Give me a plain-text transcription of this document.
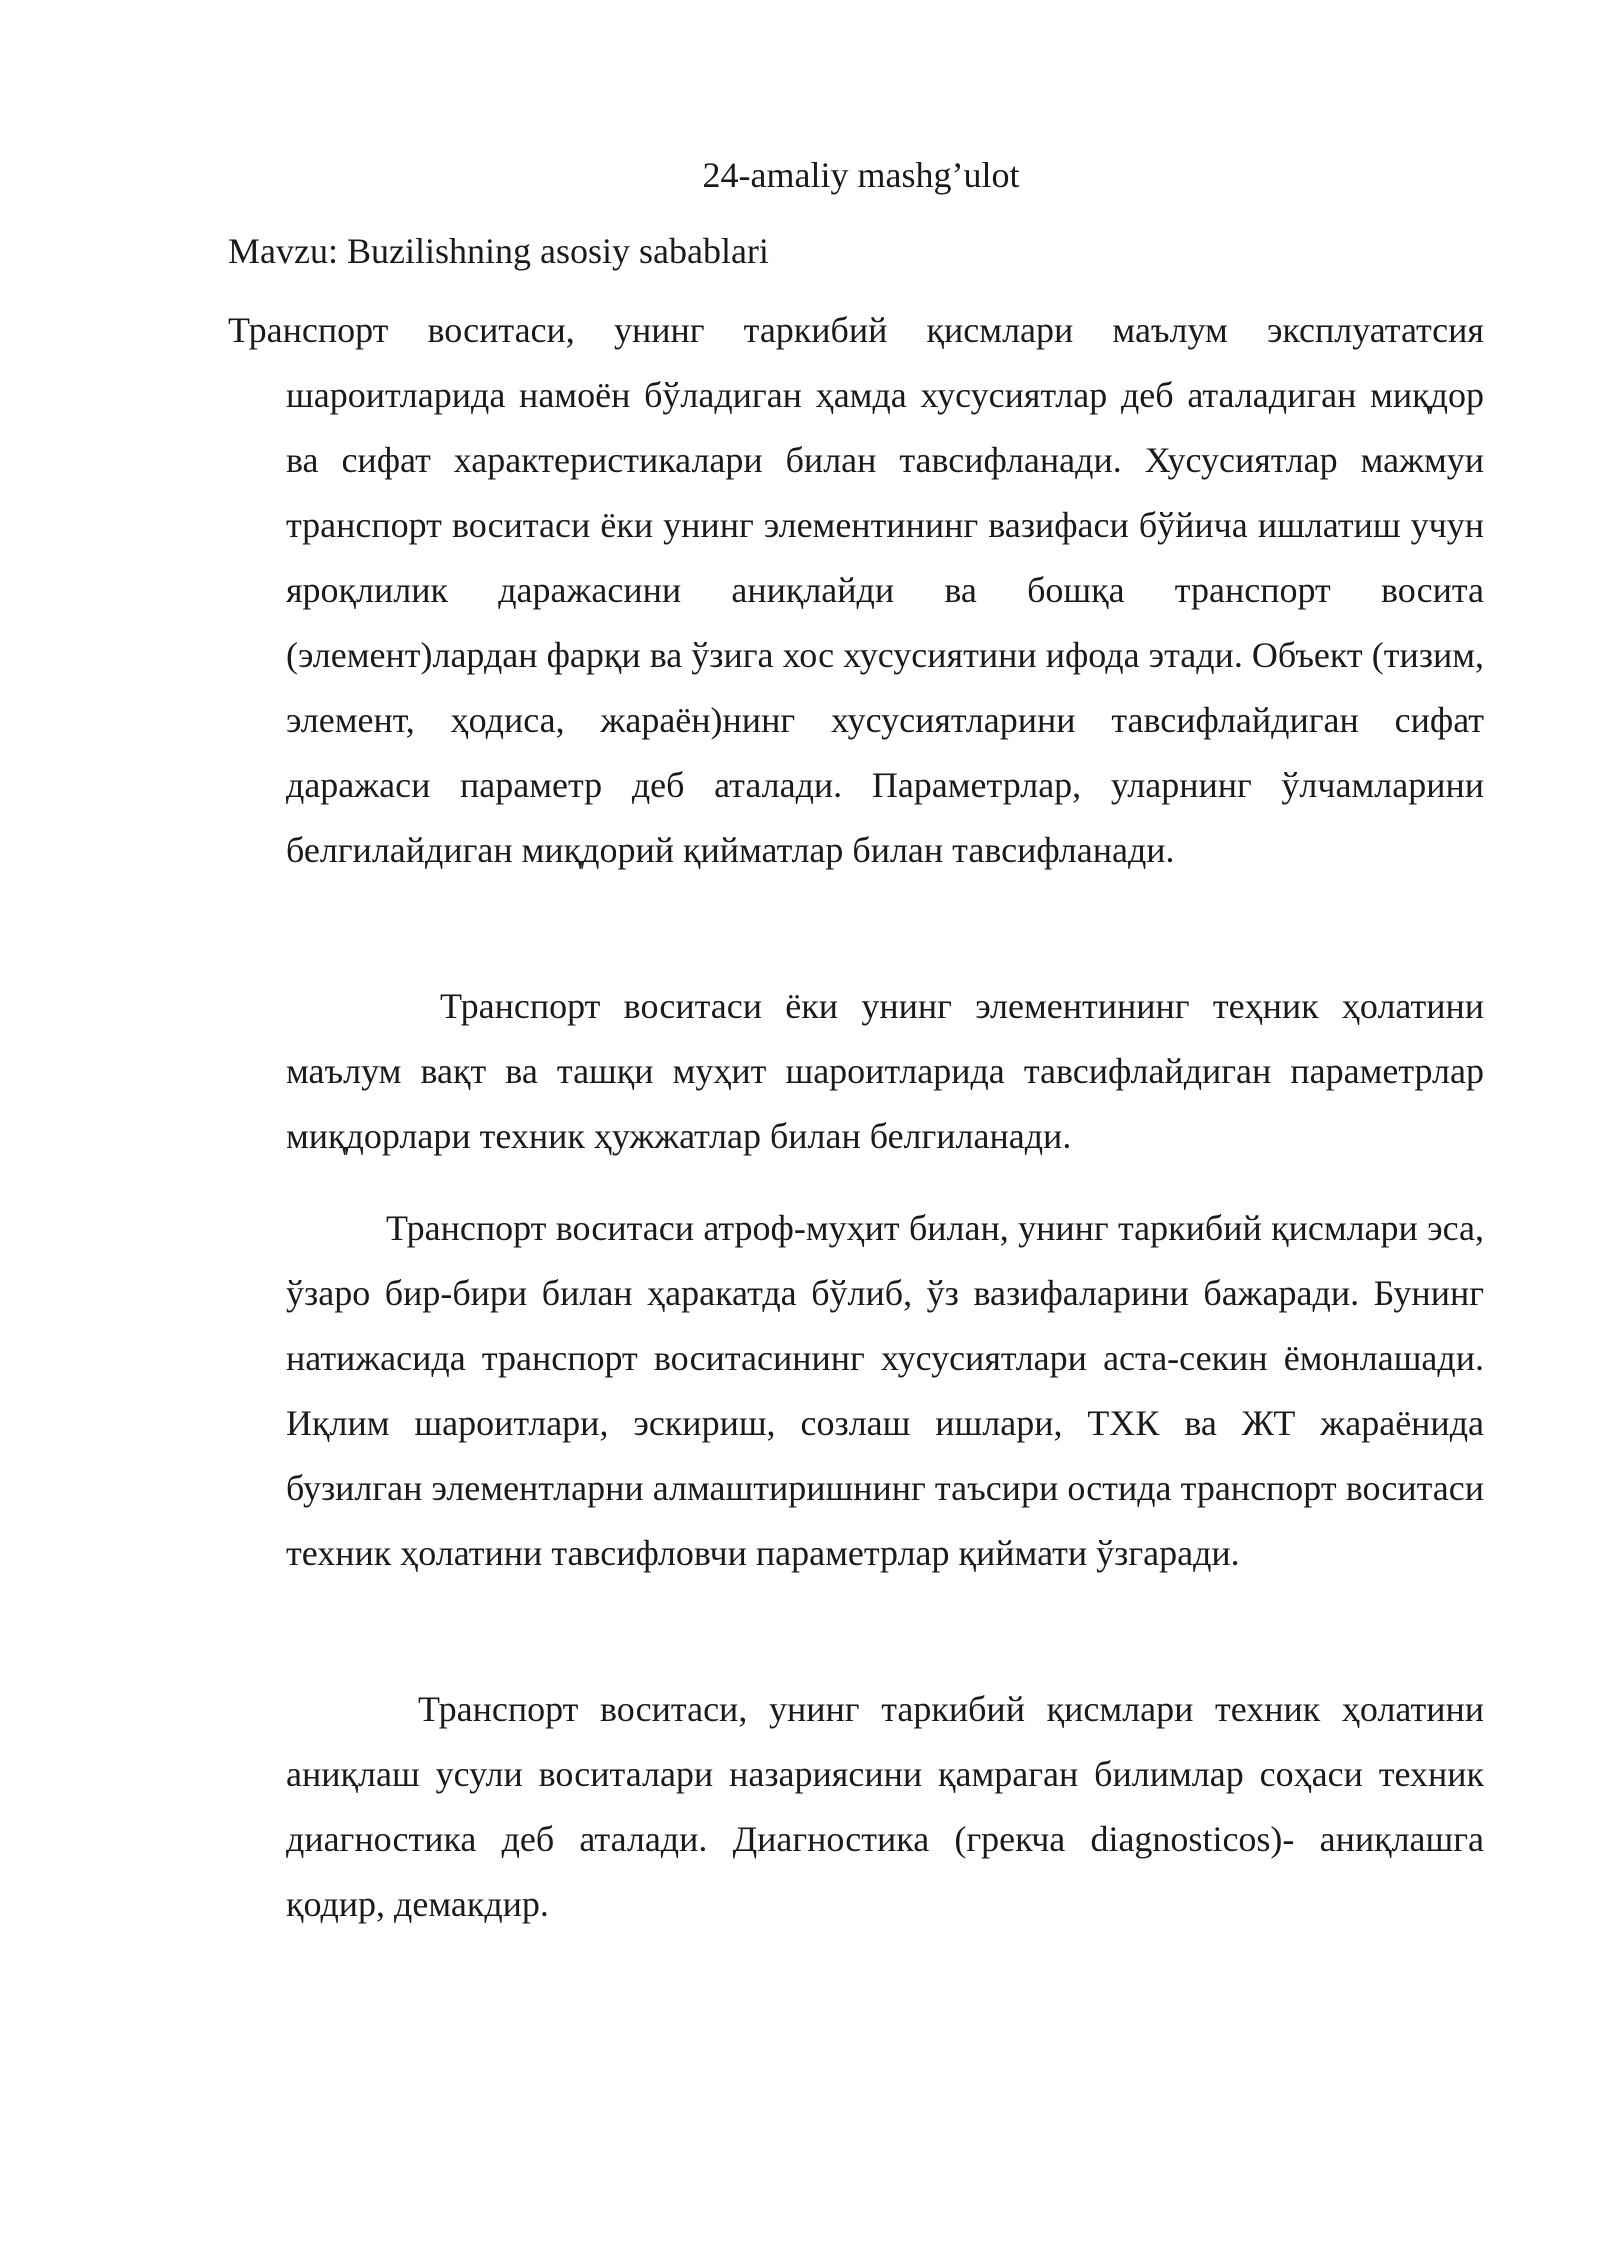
24-amaliy mashg’ulot

Mavzu: Buzilishning asosiy sabablari

Транспорт воситаси, унинг таркибий қисмлари маълум эксплуататсия шароитларида намоён бўладиган ҳамда хусусиятлар деб аталадиган миқдор ва сифат характеристикалари билан тавсифланади. Хусусиятлар мажмуи транспорт воситаси ёки унинг элементининг вазифаси бўйича ишлатиш учун яроқлилик даражасини аниқлайди ва бошқа транспорт восита (элемент)лардан фарқи ва ўзига хос хусусиятини ифода этади. Объект (тизим, элемент, ҳодиса, жараён)нинг хусусиятларини тавсифлайдиган сифат даражаси параметр деб аталади. Параметрлар, уларнинг ўлчамларини белгилайдиган миқдорий қийматлар билан тавсифланади.

Транспорт воситаси ёки унинг элементининг теҳник ҳолатини маълум вақт ва ташқи муҳит шароитларида тавсифлайдиган параметрлар миқдорлари техник ҳужжатлар билан белгиланади.

Транспорт воситаси атроф-муҳит билан, унинг таркибий қисмлари эса, ўзаро бир-бири билан ҳаракатда бўлиб, ўз вазифаларини бажаради. Бунинг натижасида транспорт воситасининг хусусиятлари аста-секин ёмонлашади. Иқлим шароитлари, эскириш, созлаш ишлари, ТХК ва ЖТ жараёнида бузилган элементларни алмаштиришнинг таъсири остида транспорт воситаси техник ҳолатини тавсифловчи параметрлар қиймати ўзгаради.

Транспорт воситаси, унинг таркибий қисмлари техник ҳолатини аниқлаш усули воситалари назариясини қамраган билимлар соҳаси техник диагностика деб аталади. Диагностика (грекча diagnosticos)- аниқлашга қодир, демакдир.
